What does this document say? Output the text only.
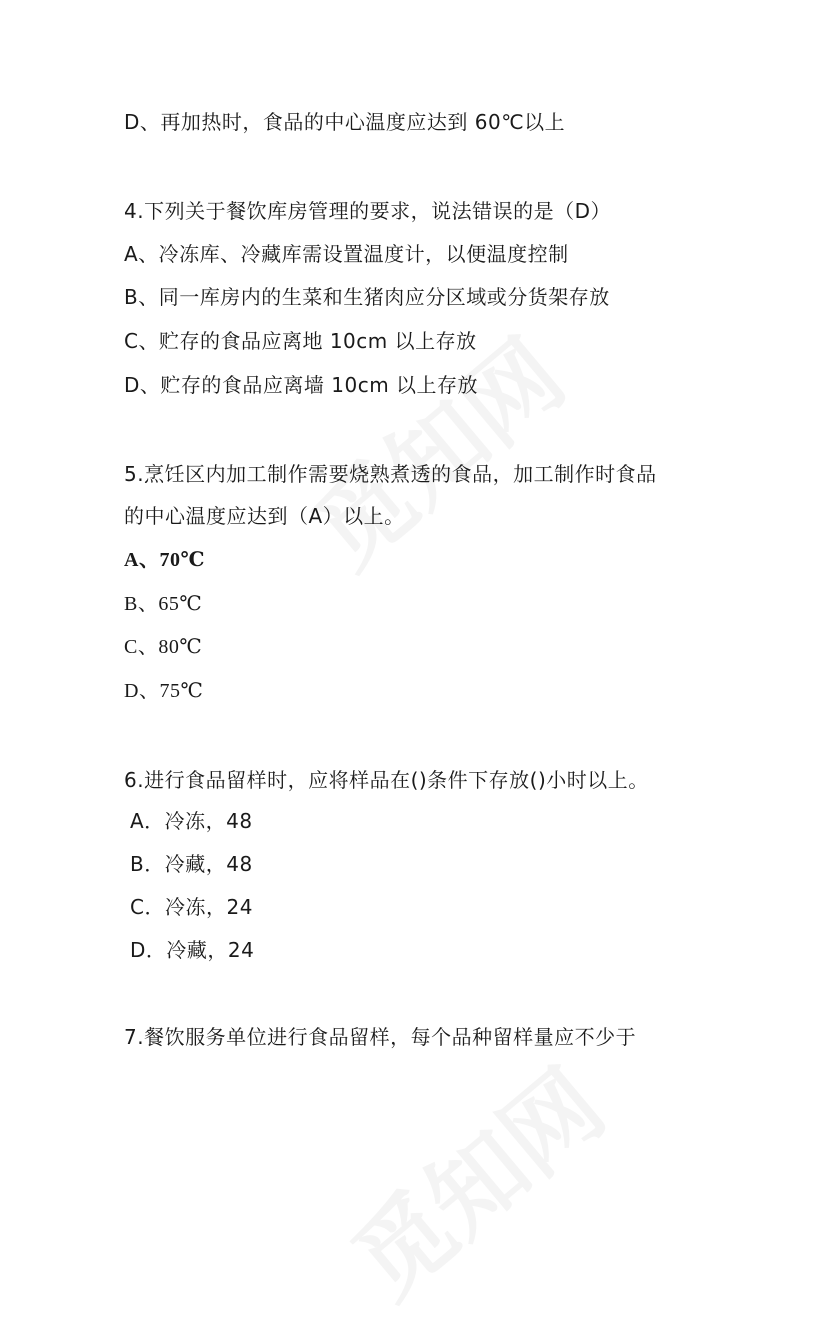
D、再加热时，食品的中心温度应达到 60℃以上
4.下列关于餐饮库房管理的要求，说法错误的是（D）
A、冷冻库、冷藏库需设置温度计，以便温度控制
B、同一库房内的生菜和生猪肉应分区域或分货架存放
C、贮存的食品应离地 10cm 以上存放
D、贮存的食品应离墙 10cm 以上存放
5.烹饪区内加工制作需要烧熟煮透的食品，加工制作时食品
的中心温度应达到（A）以上。
A、70℃
B、65℃
C、80℃
D、75℃
6.进行食品留样时，应将样品在()条件下存放()小时以上。
A．冷冻，48
B．冷藏，48
C．冷冻，24
D．冷藏，24
7.餐饮服务单位进行食品留样，每个品种留样量应不少于
